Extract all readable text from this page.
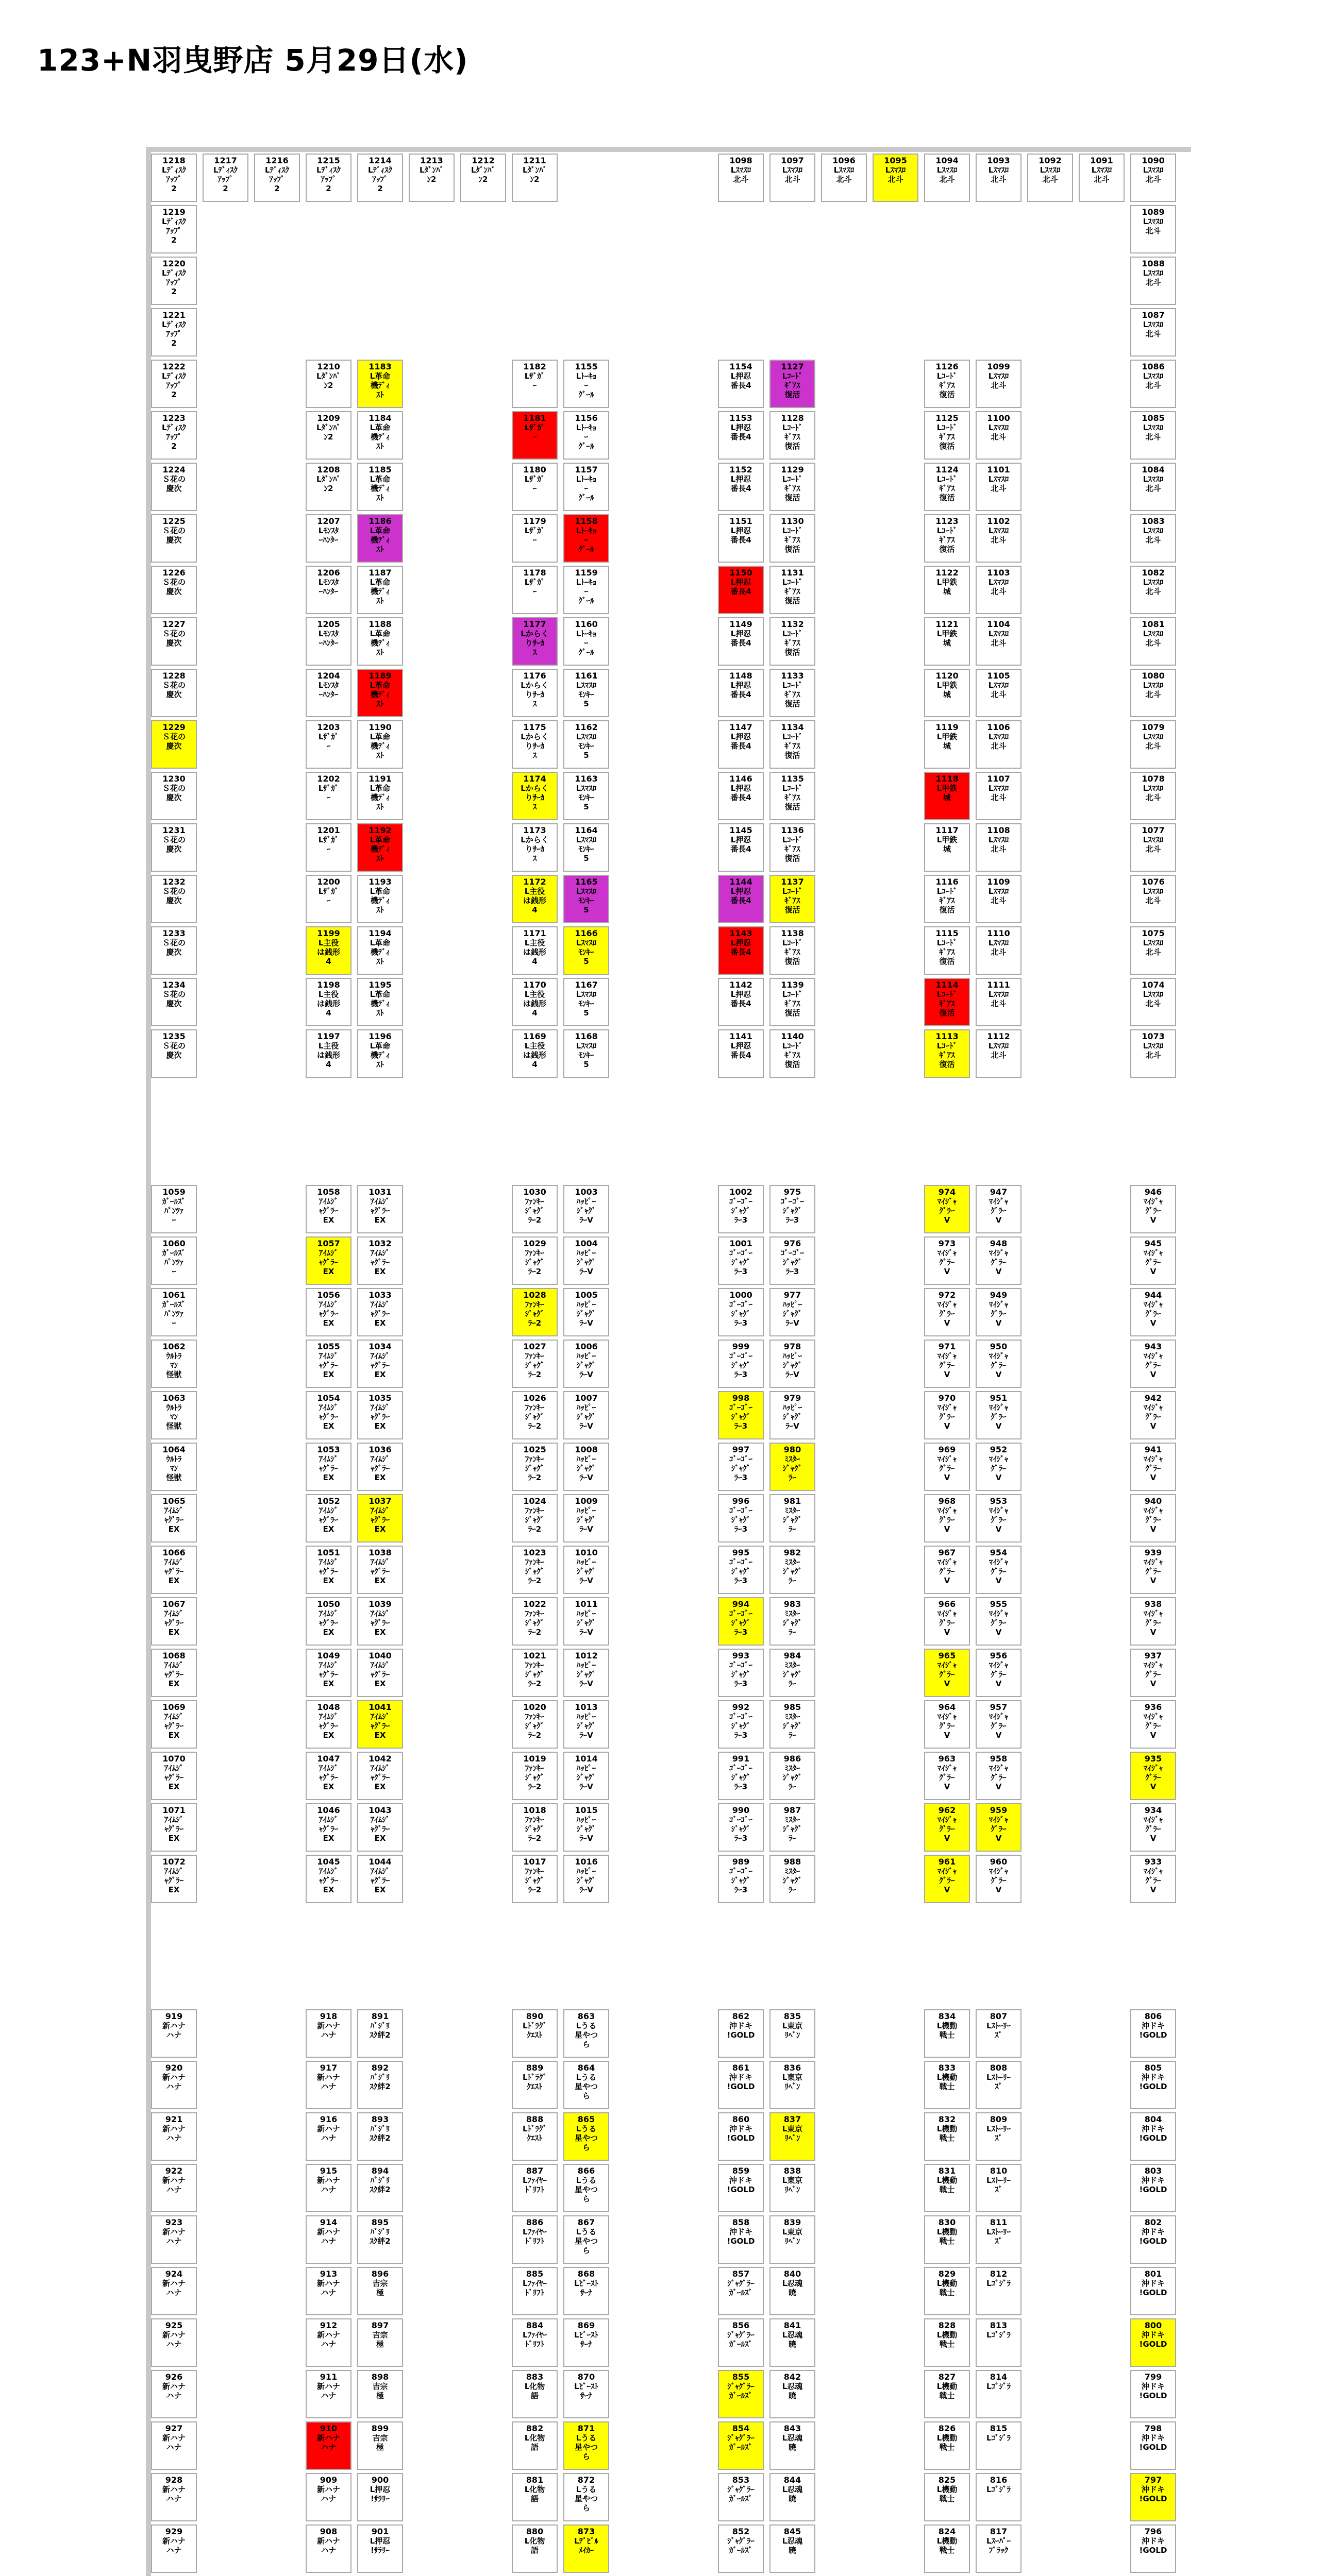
123+N羽曳野店 5月29日(水)
1218
Lﾃﾞｨｽｸ
ｱｯﾌﾟ
2
1219
Lﾃﾞｨｽｸ
ｱｯﾌﾟ
2
1220
Lﾃﾞｨｽｸ
ｱｯﾌﾟ
2
1221
Lﾃﾞｨｽｸ
ｱｯﾌﾟ
2
1222
Lﾃﾞｨｽｸ
ｱｯﾌﾟ
2
1223
Lﾃﾞｨｽｸ
ｱｯﾌﾟ
2
1224
Ｓ花の
慶次
1225
Ｓ花の
慶次
1226
Ｓ花の
慶次
1227
Ｓ花の
慶次
1228
Ｓ花の
慶次
1229
Ｓ花の
慶次
1230
Ｓ花の
慶次
1231
Ｓ花の
慶次
1232
Ｓ花の
慶次
1233
Ｓ花の
慶次
1234
Ｓ花の
慶次
1235
Ｓ花の
慶次
1217
Lﾃﾞｨｽｸ
ｱｯﾌﾟ
2
1216
Lﾃﾞｨｽｸ
ｱｯﾌﾟ
2
1215
Lﾃﾞｨｽｸ
ｱｯﾌﾟ
2
1214
Lﾃﾞｨｽｸ
ｱｯﾌﾟ
2
1213
Lﾀﾞﾝﾊﾞ
ﾝ2
1212
Lﾀﾞﾝﾊﾞ
ﾝ2
1211
Lﾀﾞﾝﾊﾞ
ﾝ2
1210
Lﾀﾞﾝﾊﾞ
ﾝ2
1209
Lﾀﾞﾝﾊﾞ
ﾝ2
1208
Lﾀﾞﾝﾊﾞ
ﾝ2
1207
Lﾓﾝｽﾀ
ｰﾊﾝﾀｰ
1206
Lﾓﾝｽﾀ
ｰﾊﾝﾀｰ
1205
Lﾓﾝｽﾀ
ｰﾊﾝﾀｰ
1204
Lﾓﾝｽﾀ
ｰﾊﾝﾀｰ
1203
Lｻﾞｶﾞ
ｰ
1202
Lｻﾞｶﾞ
ｰ
1201
Lｻﾞｶﾞ
ｰ
1200
Lｻﾞｶﾞ
ｰ
1199
L主役
は銭形
4
1198
L主役
は銭形
4
1197
L主役
は銭形
4
1183
L革命
機ﾃﾞｨ
ｽﾄ
1184
L革命
機ﾃﾞｨ
ｽﾄ
1185
L革命
機ﾃﾞｨ
ｽﾄ
1186
L革命
機ﾃﾞｨ
ｽﾄ
1187
L革命
機ﾃﾞｨ
ｽﾄ
1188
L革命
機ﾃﾞｨ
ｽﾄ
1189
L革命
機ﾃﾞｨ
ｽﾄ
1190
L革命
機ﾃﾞｨ
ｽﾄ
1191
L革命
機ﾃﾞｨ
ｽﾄ
1192
L革命
機ﾃﾞｨ
ｽﾄ
1193
L革命
機ﾃﾞｨ
ｽﾄ
1194
L革命
機ﾃﾞｨ
ｽﾄ
1195
L革命
機ﾃﾞｨ
ｽﾄ
1196
L革命
機ﾃﾞｨ
ｽﾄ
1182
Lｻﾞｶﾞ
ｰ
1181
Lｻﾞｶﾞ
ｰ
1180
Lｻﾞｶﾞ
ｰ
1179
Lｻﾞｶﾞ
ｰ
1178
Lｻﾞｶﾞ
ｰ
1177
Lからく
りｻｰｶ
ｽ
1176
Lからく
りｻｰｶ
ｽ
1175
Lからく
りｻｰｶ
ｽ
1174
Lからく
りｻｰｶ
ｽ
1173
Lからく
りｻｰｶ
ｽ
1172
L主役
は銭形
4
1171
L主役
は銭形
4
1170
L主役
は銭形
4
1169
L主役
は銭形
4
1155
Lﾄｰｷｮ
ｰ
ｸﾞｰﾙ
1156
Lﾄｰｷｮ
ｰ
ｸﾞｰﾙ
1157
Lﾄｰｷｮ
ｰ
ｸﾞｰﾙ
1158
Lﾄｰｷｮ
ｰ
ｸﾞｰﾙ
1159
Lﾄｰｷｮ
ｰ
ｸﾞｰﾙ
1160
Lﾄｰｷｮ
ｰ
ｸﾞｰﾙ
1161
Lｽﾏｽﾛ
ﾓﾝｷｰ
5
1162
Lｽﾏｽﾛ
ﾓﾝｷｰ
5
1163
Lｽﾏｽﾛ
ﾓﾝｷｰ
5
1164
Lｽﾏｽﾛ
ﾓﾝｷｰ
5
1165
Lｽﾏｽﾛ
ﾓﾝｷｰ
5
1166
Lｽﾏｽﾛ
ﾓﾝｷｰ
5
1167
Lｽﾏｽﾛ
ﾓﾝｷｰ
5
1168
Lｽﾏｽﾛ
ﾓﾝｷｰ
5
1098
Lｽﾏｽﾛ
北斗
1097
Lｽﾏｽﾛ
北斗
1096
Lｽﾏｽﾛ
北斗
1095
Lｽﾏｽﾛ
北斗
1094
Lｽﾏｽﾛ
北斗
1093
Lｽﾏｽﾛ
北斗
1092
Lｽﾏｽﾛ
北斗
1091
Lｽﾏｽﾛ
北斗
1090
Lｽﾏｽﾛ
北斗
1089
Lｽﾏｽﾛ
北斗
1088
Lｽﾏｽﾛ
北斗
1087
Lｽﾏｽﾛ
北斗
1086
Lｽﾏｽﾛ
北斗
1085
Lｽﾏｽﾛ
北斗
1084
Lｽﾏｽﾛ
北斗
1083
Lｽﾏｽﾛ
北斗
1082
Lｽﾏｽﾛ
北斗
1081
Lｽﾏｽﾛ
北斗
1080
Lｽﾏｽﾛ
北斗
1079
Lｽﾏｽﾛ
北斗
1078
Lｽﾏｽﾛ
北斗
1077
Lｽﾏｽﾛ
北斗
1076
Lｽﾏｽﾛ
北斗
1075
Lｽﾏｽﾛ
北斗
1074
Lｽﾏｽﾛ
北斗
1073
Lｽﾏｽﾛ
北斗
1154
L押忍
番長4
1153
L押忍
番長4
1152
L押忍
番長4
1151
L押忍
番長4
1150
L押忍
番長4
1149
L押忍
番長4
1148
L押忍
番長4
1147
L押忍
番長4
1146
L押忍
番長4
1145
L押忍
番長4
1144
L押忍
番長4
1143
L押忍
番長4
1142
L押忍
番長4
1141
L押忍
番長4
1127
Lｺｰﾄﾞ
ｷﾞｱｽ
復活
1128
Lｺｰﾄﾞ
ｷﾞｱｽ
復活
1129
Lｺｰﾄﾞ
ｷﾞｱｽ
復活
1130
Lｺｰﾄﾞ
ｷﾞｱｽ
復活
1131
Lｺｰﾄﾞ
ｷﾞｱｽ
復活
1132
Lｺｰﾄﾞ
ｷﾞｱｽ
復活
1133
Lｺｰﾄﾞ
ｷﾞｱｽ
復活
1134
Lｺｰﾄﾞ
ｷﾞｱｽ
復活
1135
Lｺｰﾄﾞ
ｷﾞｱｽ
復活
1136
Lｺｰﾄﾞ
ｷﾞｱｽ
復活
1137
Lｺｰﾄﾞ
ｷﾞｱｽ
復活
1138
Lｺｰﾄﾞ
ｷﾞｱｽ
復活
1139
Lｺｰﾄﾞ
ｷﾞｱｽ
復活
1140
Lｺｰﾄﾞ
ｷﾞｱｽ
復活
1126
Lｺｰﾄﾞ
ｷﾞｱｽ
復活
1125
Lｺｰﾄﾞ
ｷﾞｱｽ
復活
1124
Lｺｰﾄﾞ
ｷﾞｱｽ
復活
1123
Lｺｰﾄﾞ
ｷﾞｱｽ
復活
1122
L甲鉄
城
1121
L甲鉄
城
1120
L甲鉄
城
1119
L甲鉄
城
1118
L甲鉄
城
1117
L甲鉄
城
1116
Lｺｰﾄﾞ
ｷﾞｱｽ
復活
1115
Lｺｰﾄﾞ
ｷﾞｱｽ
復活
1114
Lｺｰﾄﾞ
ｷﾞｱｽ
復活
1113
Lｺｰﾄﾞ
ｷﾞｱｽ
復活
1099
Lｽﾏｽﾛ
北斗
1100
Lｽﾏｽﾛ
北斗
1101
Lｽﾏｽﾛ
北斗
1102
Lｽﾏｽﾛ
北斗
1103
Lｽﾏｽﾛ
北斗
1104
Lｽﾏｽﾛ
北斗
1105
Lｽﾏｽﾛ
北斗
1106
Lｽﾏｽﾛ
北斗
1107
Lｽﾏｽﾛ
北斗
1108
Lｽﾏｽﾛ
北斗
1109
Lｽﾏｽﾛ
北斗
1110
Lｽﾏｽﾛ
北斗
1111
Lｽﾏｽﾛ
北斗
1112
Lｽﾏｽﾛ
北斗
1059
ｶﾞｰﾙｽﾞ
ﾊﾟﾝﾂｧ
ｰ
1060
ｶﾞｰﾙｽﾞ
ﾊﾟﾝﾂｧ
ｰ
1061
ｶﾞｰﾙｽﾞ
ﾊﾟﾝﾂｧ
ｰ
1062
ｳﾙﾄﾗ
ﾏﾝ
怪獣
1063
ｳﾙﾄﾗ
ﾏﾝ
怪獣
1064
ｳﾙﾄﾗ
ﾏﾝ
怪獣
1065
ｱｲﾑｼﾞ
ｬｸﾞﾗｰ
EX
1066
ｱｲﾑｼﾞ
ｬｸﾞﾗｰ
EX
1067
ｱｲﾑｼﾞ
ｬｸﾞﾗｰ
EX
1068
ｱｲﾑｼﾞ
ｬｸﾞﾗｰ
EX
1069
ｱｲﾑｼﾞ
ｬｸﾞﾗｰ
EX
1070
ｱｲﾑｼﾞ
ｬｸﾞﾗｰ
EX
1071
ｱｲﾑｼﾞ
ｬｸﾞﾗｰ
EX
1072
ｱｲﾑｼﾞ
ｬｸﾞﾗｰ
EX
1058
ｱｲﾑｼﾞ
ｬｸﾞﾗｰ
EX
1057
ｱｲﾑｼﾞ
ｬｸﾞﾗｰ
EX
1056
ｱｲﾑｼﾞ
ｬｸﾞﾗｰ
EX
1055
ｱｲﾑｼﾞ
ｬｸﾞﾗｰ
EX
1054
ｱｲﾑｼﾞ
ｬｸﾞﾗｰ
EX
1053
ｱｲﾑｼﾞ
ｬｸﾞﾗｰ
EX
1052
ｱｲﾑｼﾞ
ｬｸﾞﾗｰ
EX
1051
ｱｲﾑｼﾞ
ｬｸﾞﾗｰ
EX
1050
ｱｲﾑｼﾞ
ｬｸﾞﾗｰ
EX
1049
ｱｲﾑｼﾞ
ｬｸﾞﾗｰ
EX
1048
ｱｲﾑｼﾞ
ｬｸﾞﾗｰ
EX
1047
ｱｲﾑｼﾞ
ｬｸﾞﾗｰ
EX
1046
ｱｲﾑｼﾞ
ｬｸﾞﾗｰ
EX
1045
ｱｲﾑｼﾞ
ｬｸﾞﾗｰ
EX
1031
ｱｲﾑｼﾞ
ｬｸﾞﾗｰ
EX
1032
ｱｲﾑｼﾞ
ｬｸﾞﾗｰ
EX
1033
ｱｲﾑｼﾞ
ｬｸﾞﾗｰ
EX
1034
ｱｲﾑｼﾞ
ｬｸﾞﾗｰ
EX
1035
ｱｲﾑｼﾞ
ｬｸﾞﾗｰ
EX
1036
ｱｲﾑｼﾞ
ｬｸﾞﾗｰ
EX
1037
ｱｲﾑｼﾞ
ｬｸﾞﾗｰ
EX
1038
ｱｲﾑｼﾞ
ｬｸﾞﾗｰ
EX
1039
ｱｲﾑｼﾞ
ｬｸﾞﾗｰ
EX
1040
ｱｲﾑｼﾞ
ｬｸﾞﾗｰ
EX
1041
ｱｲﾑｼﾞ
ｬｸﾞﾗｰ
EX
1042
ｱｲﾑｼﾞ
ｬｸﾞﾗｰ
EX
1043
ｱｲﾑｼﾞ
ｬｸﾞﾗｰ
EX
1044
ｱｲﾑｼﾞ
ｬｸﾞﾗｰ
EX
1030
ﾌｧﾝｷｰ
ｼﾞｬｸﾞ
ﾗｰ2
1029
ﾌｧﾝｷｰ
ｼﾞｬｸﾞ
ﾗｰ2
1028
ﾌｧﾝｷｰ
ｼﾞｬｸﾞ
ﾗｰ2
1027
ﾌｧﾝｷｰ
ｼﾞｬｸﾞ
ﾗｰ2
1026
ﾌｧﾝｷｰ
ｼﾞｬｸﾞ
ﾗｰ2
1025
ﾌｧﾝｷｰ
ｼﾞｬｸﾞ
ﾗｰ2
1024
ﾌｧﾝｷｰ
ｼﾞｬｸﾞ
ﾗｰ2
1023
ﾌｧﾝｷｰ
ｼﾞｬｸﾞ
ﾗｰ2
1022
ﾌｧﾝｷｰ
ｼﾞｬｸﾞ
ﾗｰ2
1021
ﾌｧﾝｷｰ
ｼﾞｬｸﾞ
ﾗｰ2
1020
ﾌｧﾝｷｰ
ｼﾞｬｸﾞ
ﾗｰ2
1019
ﾌｧﾝｷｰ
ｼﾞｬｸﾞ
ﾗｰ2
1018
ﾌｧﾝｷｰ
ｼﾞｬｸﾞ
ﾗｰ2
1017
ﾌｧﾝｷｰ
ｼﾞｬｸﾞ
ﾗｰ2
1003
ﾊｯﾋﾟｰ
ｼﾞｬｸﾞ
ﾗｰV
1004
ﾊｯﾋﾟｰ
ｼﾞｬｸﾞ
ﾗｰV
1005
ﾊｯﾋﾟｰ
ｼﾞｬｸﾞ
ﾗｰV
1006
ﾊｯﾋﾟｰ
ｼﾞｬｸﾞ
ﾗｰV
1007
ﾊｯﾋﾟｰ
ｼﾞｬｸﾞ
ﾗｰV
1008
ﾊｯﾋﾟｰ
ｼﾞｬｸﾞ
ﾗｰV
1009
ﾊｯﾋﾟｰ
ｼﾞｬｸﾞ
ﾗｰV
1010
ﾊｯﾋﾟｰ
ｼﾞｬｸﾞ
ﾗｰV
1011
ﾊｯﾋﾟｰ
ｼﾞｬｸﾞ
ﾗｰV
1012
ﾊｯﾋﾟｰ
ｼﾞｬｸﾞ
ﾗｰV
1013
ﾊｯﾋﾟｰ
ｼﾞｬｸﾞ
ﾗｰV
1014
ﾊｯﾋﾟｰ
ｼﾞｬｸﾞ
ﾗｰV
1015
ﾊｯﾋﾟｰ
ｼﾞｬｸﾞ
ﾗｰV
1016
ﾊｯﾋﾟｰ
ｼﾞｬｸﾞ
ﾗｰV
1002
ｺﾞｰｺﾞｰ
ｼﾞｬｸﾞ
ﾗｰ3
1001
ｺﾞｰｺﾞｰ
ｼﾞｬｸﾞ
ﾗｰ3
1000
ｺﾞｰｺﾞｰ
ｼﾞｬｸﾞ
ﾗｰ3
999
ｺﾞｰｺﾞｰ
ｼﾞｬｸﾞ
ﾗｰ3
998
ｺﾞｰｺﾞｰ
ｼﾞｬｸﾞ
ﾗｰ3
997
ｺﾞｰｺﾞｰ
ｼﾞｬｸﾞ
ﾗｰ3
996
ｺﾞｰｺﾞｰ
ｼﾞｬｸﾞ
ﾗｰ3
995
ｺﾞｰｺﾞｰ
ｼﾞｬｸﾞ
ﾗｰ3
994
ｺﾞｰｺﾞｰ
ｼﾞｬｸﾞ
ﾗｰ3
993
ｺﾞｰｺﾞｰ
ｼﾞｬｸﾞ
ﾗｰ3
992
ｺﾞｰｺﾞｰ
ｼﾞｬｸﾞ
ﾗｰ3
991
ｺﾞｰｺﾞｰ
ｼﾞｬｸﾞ
ﾗｰ3
990
ｺﾞｰｺﾞｰ
ｼﾞｬｸﾞ
ﾗｰ3
989
ｺﾞｰｺﾞｰ
ｼﾞｬｸﾞ
ﾗｰ3
975
ｺﾞｰｺﾞｰ
ｼﾞｬｸﾞ
ﾗｰ3
976
ｺﾞｰｺﾞｰ
ｼﾞｬｸﾞ
ﾗｰ3
977
ﾊｯﾋﾟｰ
ｼﾞｬｸﾞ
ﾗｰV
978
ﾊｯﾋﾟｰ
ｼﾞｬｸﾞ
ﾗｰV
979
ﾊｯﾋﾟｰ
ｼﾞｬｸﾞ
ﾗｰV
980
ﾐｽﾀｰ
ｼﾞｬｸﾞ
ﾗｰ
981
ﾐｽﾀｰ
ｼﾞｬｸﾞ
ﾗｰ
982
ﾐｽﾀｰ
ｼﾞｬｸﾞ
ﾗｰ
983
ﾐｽﾀｰ
ｼﾞｬｸﾞ
ﾗｰ
984
ﾐｽﾀｰ
ｼﾞｬｸﾞ
ﾗｰ
985
ﾐｽﾀｰ
ｼﾞｬｸﾞ
ﾗｰ
986
ﾐｽﾀｰ
ｼﾞｬｸﾞ
ﾗｰ
987
ﾐｽﾀｰ
ｼﾞｬｸﾞ
ﾗｰ
988
ﾐｽﾀｰ
ｼﾞｬｸﾞ
ﾗｰ
974
ﾏｲｼﾞｬ
ｸﾞﾗｰ
V
973
ﾏｲｼﾞｬ
ｸﾞﾗｰ
V
972
ﾏｲｼﾞｬ
ｸﾞﾗｰ
V
971
ﾏｲｼﾞｬ
ｸﾞﾗｰ
V
970
ﾏｲｼﾞｬ
ｸﾞﾗｰ
V
969
ﾏｲｼﾞｬ
ｸﾞﾗｰ
V
968
ﾏｲｼﾞｬ
ｸﾞﾗｰ
V
967
ﾏｲｼﾞｬ
ｸﾞﾗｰ
V
966
ﾏｲｼﾞｬ
ｸﾞﾗｰ
V
965
ﾏｲｼﾞｬ
ｸﾞﾗｰ
V
964
ﾏｲｼﾞｬ
ｸﾞﾗｰ
V
963
ﾏｲｼﾞｬ
ｸﾞﾗｰ
V
962
ﾏｲｼﾞｬ
ｸﾞﾗｰ
V
961
ﾏｲｼﾞｬ
ｸﾞﾗｰ
V
947
ﾏｲｼﾞｬ
ｸﾞﾗｰ
V
948
ﾏｲｼﾞｬ
ｸﾞﾗｰ
V
949
ﾏｲｼﾞｬ
ｸﾞﾗｰ
V
950
ﾏｲｼﾞｬ
ｸﾞﾗｰ
V
951
ﾏｲｼﾞｬ
ｸﾞﾗｰ
V
952
ﾏｲｼﾞｬ
ｸﾞﾗｰ
V
953
ﾏｲｼﾞｬ
ｸﾞﾗｰ
V
954
ﾏｲｼﾞｬ
ｸﾞﾗｰ
V
955
ﾏｲｼﾞｬ
ｸﾞﾗｰ
V
956
ﾏｲｼﾞｬ
ｸﾞﾗｰ
V
957
ﾏｲｼﾞｬ
ｸﾞﾗｰ
V
958
ﾏｲｼﾞｬ
ｸﾞﾗｰ
V
959
ﾏｲｼﾞｬ
ｸﾞﾗｰ
V
960
ﾏｲｼﾞｬ
ｸﾞﾗｰ
V
946
ﾏｲｼﾞｬ
ｸﾞﾗｰ
V
945
ﾏｲｼﾞｬ
ｸﾞﾗｰ
V
944
ﾏｲｼﾞｬ
ｸﾞﾗｰ
V
943
ﾏｲｼﾞｬ
ｸﾞﾗｰ
V
942
ﾏｲｼﾞｬ
ｸﾞﾗｰ
V
941
ﾏｲｼﾞｬ
ｸﾞﾗｰ
V
940
ﾏｲｼﾞｬ
ｸﾞﾗｰ
V
939
ﾏｲｼﾞｬ
ｸﾞﾗｰ
V
938
ﾏｲｼﾞｬ
ｸﾞﾗｰ
V
937
ﾏｲｼﾞｬ
ｸﾞﾗｰ
V
936
ﾏｲｼﾞｬ
ｸﾞﾗｰ
V
935
ﾏｲｼﾞｬ
ｸﾞﾗｰ
V
934
ﾏｲｼﾞｬ
ｸﾞﾗｰ
V
933
ﾏｲｼﾞｬ
ｸﾞﾗｰ
V
919
新ハナ
ハナ
920
新ハナ
ハナ
921
新ハナ
ハナ
922
新ハナ
ハナ
923
新ハナ
ハナ
924
新ハナ
ハナ
925
新ハナ
ハナ
926
新ハナ
ハナ
927
新ハナ
ハナ
928
新ハナ
ハナ
929
新ハナ
ハナ
918
新ハナ
ハナ
917
新ハナ
ハナ
916
新ハナ
ハナ
915
新ハナ
ハナ
914
新ハナ
ハナ
913
新ハナ
ハナ
912
新ハナ
ハナ
911
新ハナ
ハナ
910
新ハナ
ハナ
909
新ハナ
ハナ
908
新ハナ
ハナ
891
ﾊﾞｼﾞﾘ
ｽｸ絆2
892
ﾊﾞｼﾞﾘ
ｽｸ絆2
893
ﾊﾞｼﾞﾘ
ｽｸ絆2
894
ﾊﾞｼﾞﾘ
ｽｸ絆2
895
ﾊﾞｼﾞﾘ
ｽｸ絆2
896
吉宗
極
897
吉宗
極
898
吉宗
極
899
吉宗
極
900
L押忍
!ｻﾗﾘｰ
901
L押忍
!ｻﾗﾘｰ
890
Lﾄﾞﾗｸﾞ
ｸｴｽﾄ
889
Lﾄﾞﾗｸﾞ
ｸｴｽﾄ
888
Lﾄﾞﾗｸﾞ
ｸｴｽﾄ
887
Lﾌｧｲﾔｰ
ﾄﾞﾘﾌﾄ
886
Lﾌｧｲﾔｰ
ﾄﾞﾘﾌﾄ
885
Lﾌｧｲﾔｰ
ﾄﾞﾘﾌﾄ
884
Lﾌｧｲﾔｰ
ﾄﾞﾘﾌﾄ
883
L化物
語
882
L化物
語
881
L化物
語
880
L化物
語
863
Lうる
星やつ
ら
864
Lうる
星やつ
ら
865
Lうる
星やつ
ら
866
Lうる
星やつ
ら
867
Lうる
星やつ
ら
868
Lﾋﾞｰｽﾄ
ｻｰﾅ
869
Lﾋﾞｰｽﾄ
ｻｰﾅ
870
Lﾋﾞｰｽﾄ
ｻｰﾅ
871
Lうる
星やつ
ら
872
Lうる
星やつ
ら
873
Lﾃﾞﾋﾞﾙ
ﾒｲｶｰ
862
沖ドキ
!GOLD
861
沖ドキ
!GOLD
860
沖ドキ
!GOLD
859
沖ドキ
!GOLD
858
沖ドキ
!GOLD
857
ｼﾞｬｸﾞﾗｰ
ｶﾞｰﾙｽﾞ
856
ｼﾞｬｸﾞﾗｰ
ｶﾞｰﾙｽﾞ
855
ｼﾞｬｸﾞﾗｰ
ｶﾞｰﾙｽﾞ
854
ｼﾞｬｸﾞﾗｰ
ｶﾞｰﾙｽﾞ
853
ｼﾞｬｸﾞﾗｰ
ｶﾞｰﾙｽﾞ
852
ｼﾞｬｸﾞﾗｰ
ｶﾞｰﾙｽﾞ
835
L東京
ﾘﾍﾞﾝ
836
L東京
ﾘﾍﾞﾝ
837
L東京
ﾘﾍﾞﾝ
838
L東京
ﾘﾍﾞﾝ
839
L東京
ﾘﾍﾞﾝ
840
L忍魂
暁
841
L忍魂
暁
842
L忍魂
暁
843
L忍魂
暁
844
L忍魂
暁
845
L忍魂
暁
834
L機動
戦士
833
L機動
戦士
832
L機動
戦士
831
L機動
戦士
830
L機動
戦士
829
L機動
戦士
828
L機動
戦士
827
L機動
戦士
826
L機動
戦士
825
L機動
戦士
824
L機動
戦士
807
Lｽﾄｰﾘｰ
ｽﾞ
808
Lｽﾄｰﾘｰ
ｽﾞ
809
Lｽﾄｰﾘｰ
ｽﾞ
810
Lｽﾄｰﾘｰ
ｽﾞ
811
Lｽﾄｰﾘｰ
ｽﾞ
812
Lｺﾞｼﾞﾗ
813
Lｺﾞｼﾞﾗ
814
Lｺﾞｼﾞﾗ
815
Lｺﾞｼﾞﾗ
816
Lｺﾞｼﾞﾗ
817
Lｽｰﾊﾟｰ
ﾌﾞﾗｯｸ
806
沖ドキ
!GOLD
805
沖ドキ
!GOLD
804
沖ドキ
!GOLD
803
沖ドキ
!GOLD
802
沖ドキ
!GOLD
801
沖ドキ
!GOLD
800
沖ドキ
!GOLD
799
沖ドキ
!GOLD
798
沖ドキ
!GOLD
797
沖ドキ
!GOLD
796
沖ドキ
!GOLD
